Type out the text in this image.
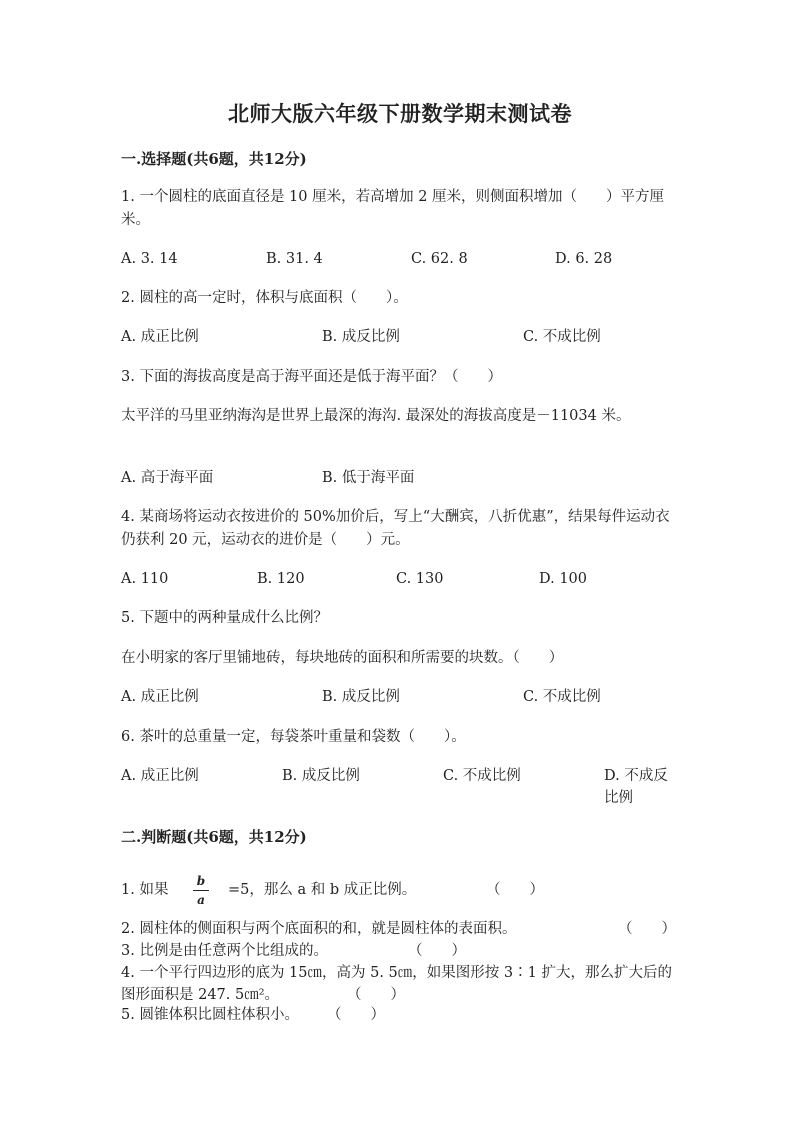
北师大版六年级下册数学期末测试卷
一.选择题(共6题，共12分)
1. 一个圆柱的底面直径是 10 厘米，若高增加 2 厘米，则侧面积增加（　　）平方厘米。
A. 3. 14	B. 31. 4	C. 62. 8	D. 6. 28
2. 圆柱的高一定时，体积与底面积（　　）。
A. 成正比例	B. 成反比例	C. 不成比例
3. 下面的海拔高度是高于海平面还是低于海平面？（　　）
太平洋的马里亚纳海沟是世界上最深的海沟. 最深处的海拔高度是－11034 米。
A. 高于海平面	B. 低于海平面
4. 某商场将运动衣按进价的 50%加价后，写上“大酬宾，八折优惠”，结果每件运动衣仍获利 20 元，运动衣的进价是（　　）元。
A. 110	B. 120	C. 130	D. 100
5. 下题中的两种量成什么比例？
在小明家的客厅里铺地砖，每块地砖的面积和所需要的块数。（　　）
A. 成正比例	B. 成反比例	C. 不成比例
6. 茶叶的总重量一定，每袋茶叶重量和袋数（　　）。
A. 成正比例	B. 成反比例	C. 不成比例	D. 不成反比例
二.判断题(共6题，共12分)
1. 如果
b
a
=5，那么 a 和 b 成正比例。	（　　）
2. 圆柱体的侧面积与两个底面积的和，就是圆柱体的表面积。	（　　）
3. 比例是由任意两个比组成的。	（　　）
4. 一个平行四边形的底为 15㎝，高为 5. 5㎝，如果图形按 3∶1 扩大，那么扩大后的图形面积是 247. 5㎝²。	（　　）
5. 圆锥体积比圆柱体积小。 （　　）
